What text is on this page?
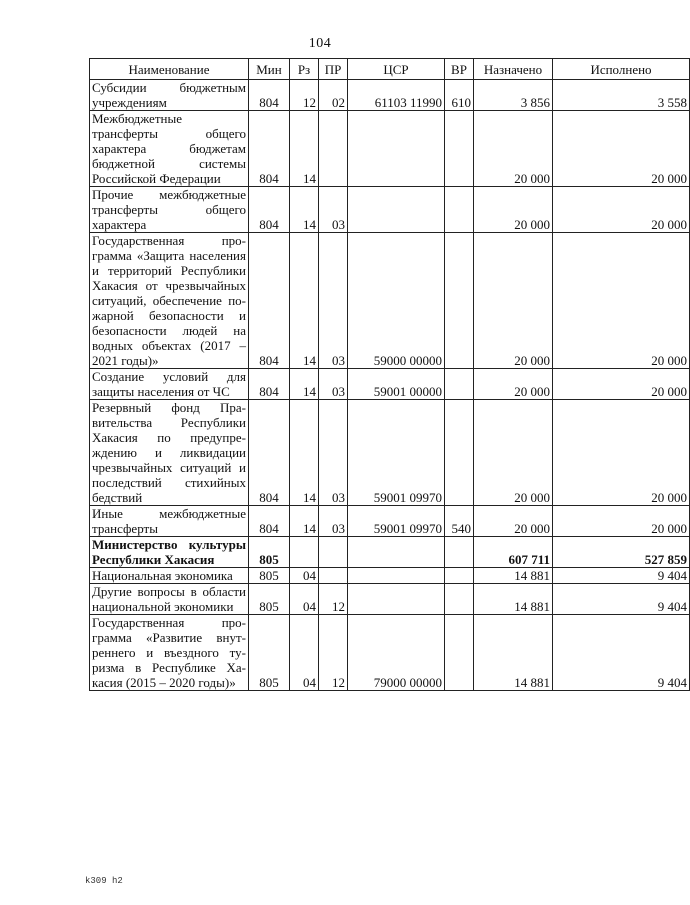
104
Наименование	Мин	Рз	ПР	ЦСР	ВР	Назначено	Исполнено
Субсидии бюджетным учреждениям	804	12	02	61103 11990	610	3 856	3 558
Межбюджетные трансферты общего характера бюджетам бюджетной системы Российской Федерации	804	14				20 000	20 000
Прочие межбюджетные трансферты общего характера	804	14	03			20 000	20 000
Государственная программа «Защита населения и территорий Республики Хакасия от чрезвычайных ситуаций, обеспечение пожарной безопасности и безопасности людей на водных объектах (2017 – 2021 годы)»	804	14	03	59000 00000		20 000	20 000
Создание условий для защиты населения от ЧС	804	14	03	59001 00000		20 000	20 000
Резервный фонд Правительства Республики Хакасия по предупреждению и ликвидации чрезвычайных ситуаций и последствий стихийных бедствий	804	14	03	59001 09970		20 000	20 000
Иные межбюджетные трансферты	804	14	03	59001 09970	540	20 000	20 000
Министерство культуры Республики Хакасия	805					607 711	527 859
Национальная экономика	805	04				14 881	9 404
Другие вопросы в области национальной экономики	805	04	12			14 881	9 404
Государственная программа «Развитие внутреннего и въездного туризма в Республике Хакасия (2015 – 2020 годы)»	805	04	12	79000 00000		14 881	9 404
k309 h2
